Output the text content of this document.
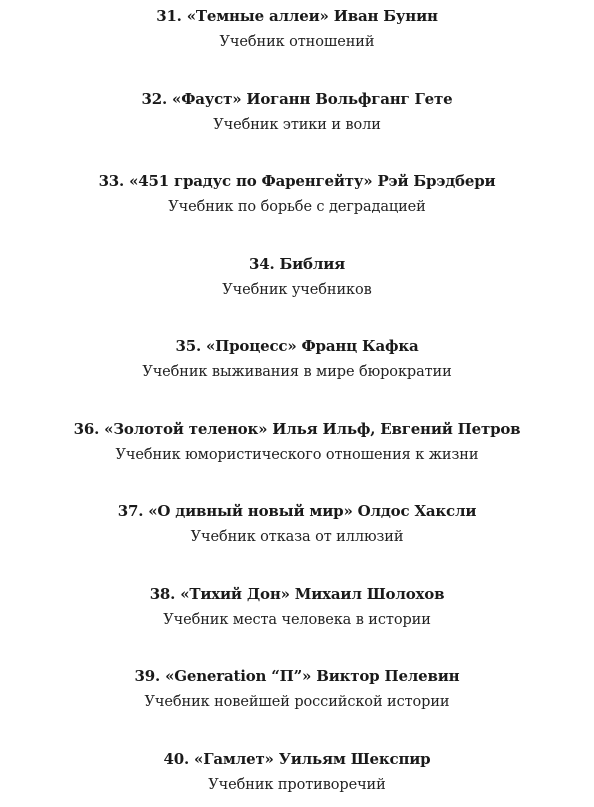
31. «Темные аллеи» Иван Бунин
Учебник отношений
32. «Фауст» Иоганн Вольфганг Гете
Учебник этики и воли
33. «451 градус по Фаренгейту» Рэй Брэдбери
Учебник по борьбе с деградацией
34. Библия
Учебник учебников
35. «Процесс» Франц Кафка
Учебник выживания в мире бюрократии
36. «Золотой теленок» Илья Ильф, Евгений Петров
Учебник юмористического отношения к жизни
37. «О дивный новый мир» Олдос Хаксли
Учебник отказа от иллюзий
38. «Тихий Дон» Михаил Шолохов
Учебник места человека в истории
39. «Generation “П”» Виктор Пелевин
Учебник новейшей российской истории
40. «Гамлет» Уильям Шекспир
Учебник противоречий
